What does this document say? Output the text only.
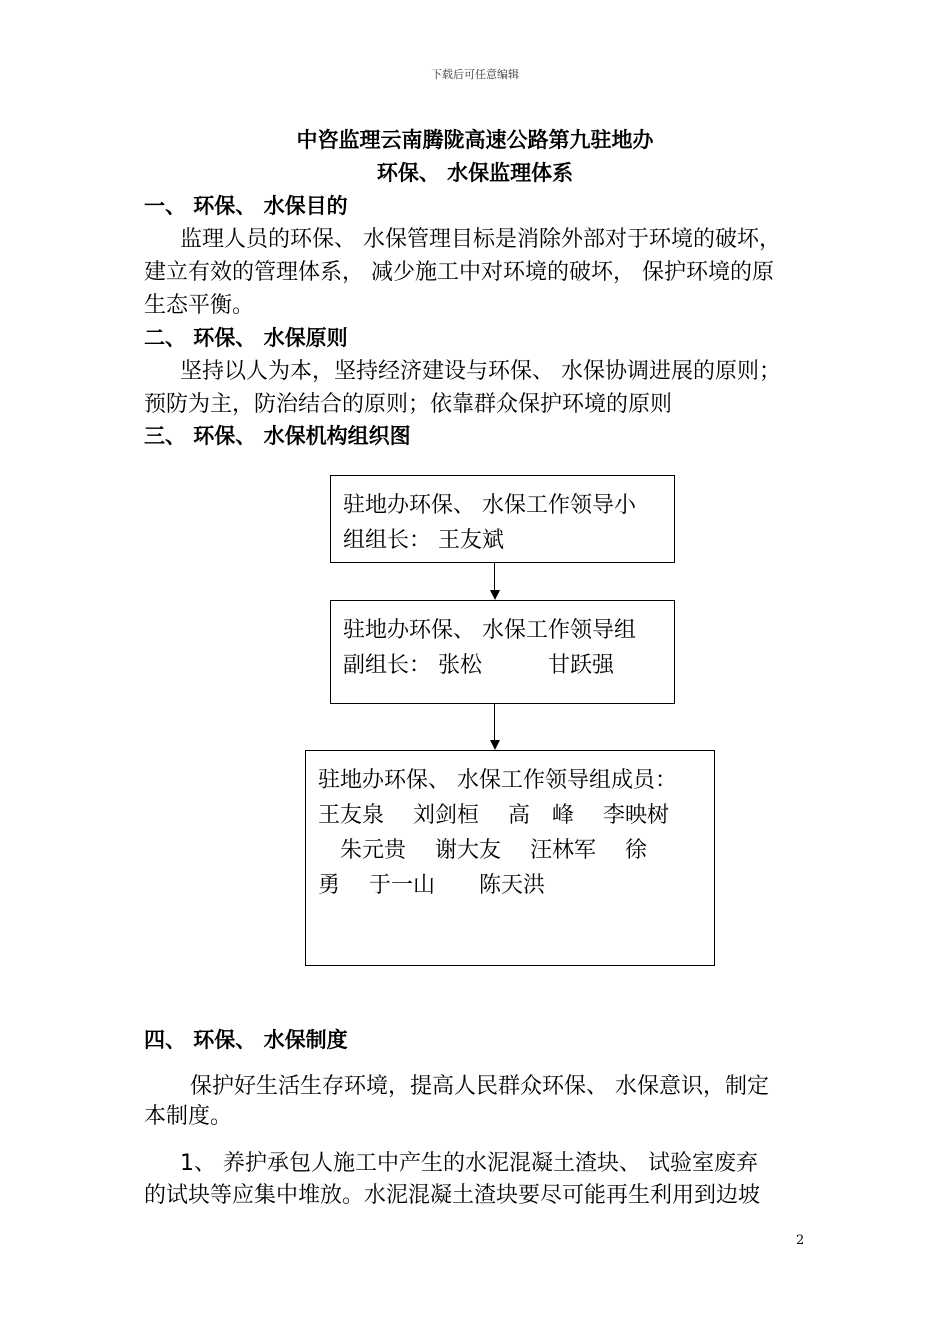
下载后可任意编辑
中咨监理云南腾陇高速公路第九驻地办
环保、 水保监理体系
一、 环保、 水保目的
监理人员的环保、 水保管理目标是消除外部对于环境的破坏，
建立有效的管理体系， 减少施工中对环境的破坏， 保护环境的原
生态平衡。
二、 环保、 水保原则
坚持以人为本，坚持经济建设与环保、 水保协调进展的原则；
预防为主，防治结合的原则；依靠群众保护环境的原则
三、 环保、 水保机构组织图
驻地办环保、 水保工作领导小
组组长： 王友斌
驻地办环保、 水保工作领导组
副组长： 张松　　　甘跃强
驻地办环保、 水保工作领导组成员：
王友泉　 刘剑桓　 高　峰　 李映树
　朱元贵　 谢大友　 汪林军　 徐
勇　 于一山　　陈天洪
四、 环保、 水保制度
保护好生活生存环境，提高人民群众环保、 水保意识，制定
本制度。
1、 养护承包人施工中产生的水泥混凝土渣块、 试验室废弃
的试块等应集中堆放。水泥混凝土渣块要尽可能再生利用到边坡
2
